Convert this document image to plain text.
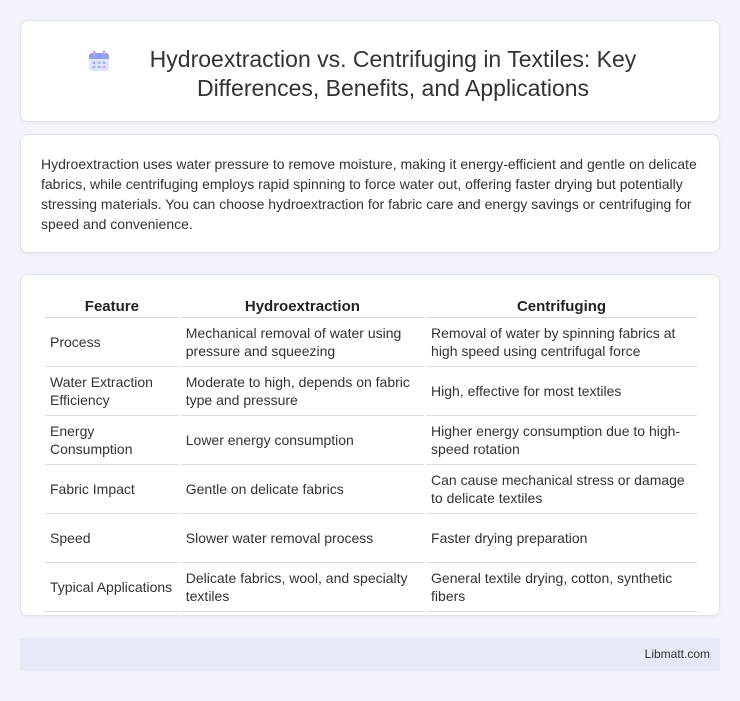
Hydroextraction vs. Centrifuging in Textiles: Key Differences, Benefits, and Applications

Hydroextraction uses water pressure to remove moisture, making it energy-efficient and gentle on delicate fabrics, while centrifuging employs rapid spinning to force water out, offering faster drying but potentially stressing materials. You can choose hydroextraction for fabric care and energy savings or centrifuging for speed and convenience.

Feature	Hydroextraction	Centrifuging
Process	Mechanical removal of water using pressure and squeezing	Removal of water by spinning fabrics at high speed using centrifugal force
Water Extraction Efficiency	Moderate to high, depends on fabric type and pressure	High, effective for most textiles
Energy Consumption	Lower energy consumption	Higher energy consumption due to high-speed rotation
Fabric Impact	Gentle on delicate fabrics	Can cause mechanical stress or damage to delicate textiles
Speed	Slower water removal process	Faster drying preparation
Typical Applications	Delicate fabrics, wool, and specialty textiles	General textile drying, cotton, synthetic fibers
Libmatt.com
